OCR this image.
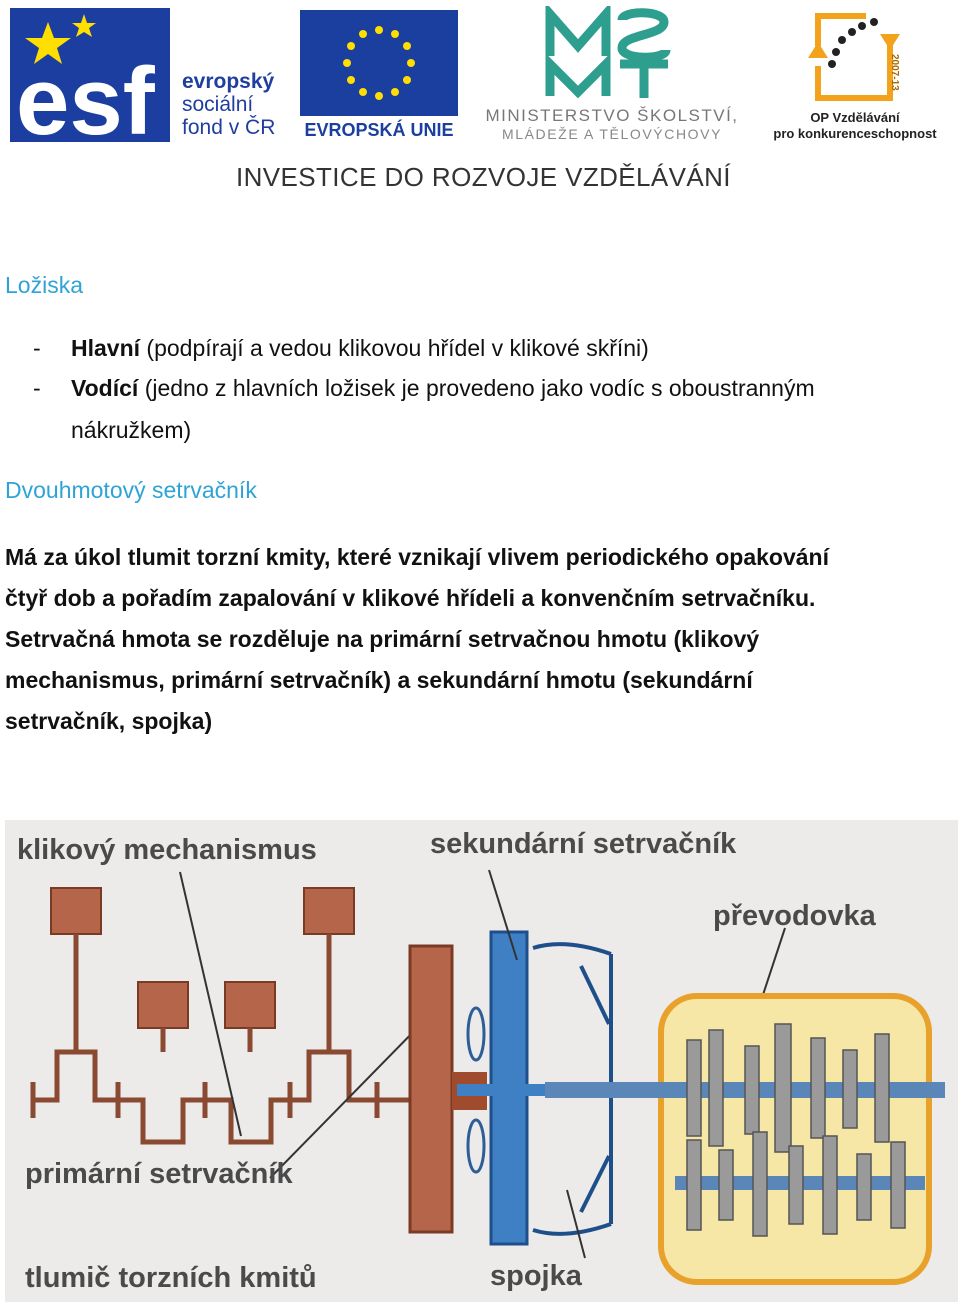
esf evropský
sociální
fond v ČR EVROPSKÁ UNIE
MINISTERSTVO ŠKOLSTVÍ,
MLÁDEŽE A TĚLOVÝCHOVY
2007-13
OP Vzdělávání
pro konkurenceschopnost
INVESTICE DO ROZVOJE VZDĚLÁVÁNÍ
Ložiska
- Hlavní (podpírají a vedou klikovou hřídel v klikové skříni)
- Vodící (jedno z hlavních ložisek je provedeno jako vodíc s oboustranným
nákružkem)
Dvouhmotový setrvačník
Má za úkol tlumit torzní kmity, které vznikají vlivem periodického opakování
čtyř dob a pořadím zapalování v klikové hřídeli a konvenčním setrvačníku.
Setrvačná hmota se rozděluje na primární setrvačnou hmotu (klikový
mechanismus, primární setrvačník) a sekundární hmotu (sekundární
setrvačník, spojka)
klikový mechanismus	sekundární setrvačník
převodovka
primární setrvačník
tlumič torzních kmitů	spojka
